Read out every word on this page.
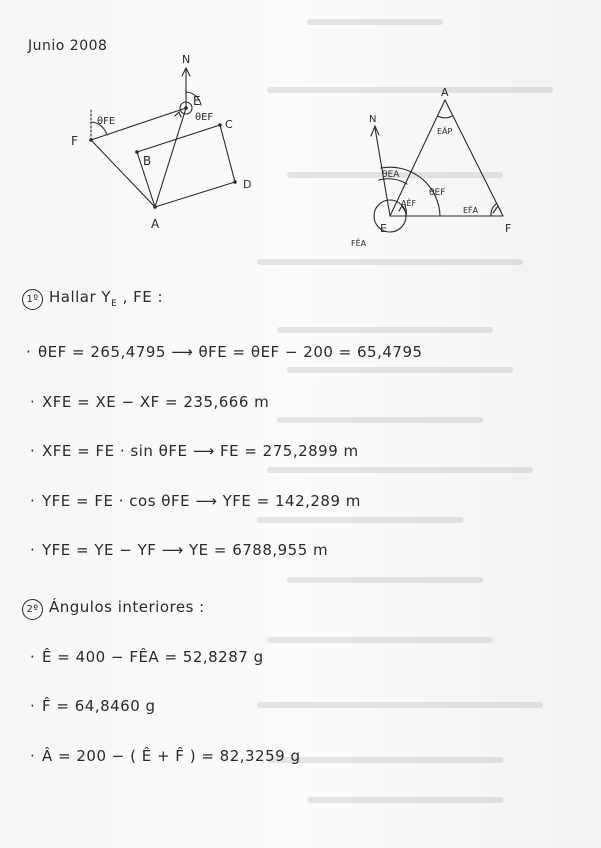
Junio 2008
N
E
F
C
B
D
A
θFE	θEF
A
N
E	F
EÂP
θEA
θEF
AÊF
EF̂A
FÊA
1º Hallar $Y_E$ , FE :
· θEF = 265,4795 ⟶ θFE = θEF − 200 = 65,4795
· XFE = XE − XF = 235,666 m
· XFE = FE · sin θFE ⟶ FE = 275,2899 m
· YFE = FE · cos θFE ⟶ YFE = 142,289 m
· YFE = YE − YF ⟶ YE = 6788,955 m
2º Ángulos interiores :
· Ê = 400 − FÊA = 52,8287 g
· F̂ = 64,8460 g
· Â = 200 − ( Ê + F̂ ) = 82,3259 g
